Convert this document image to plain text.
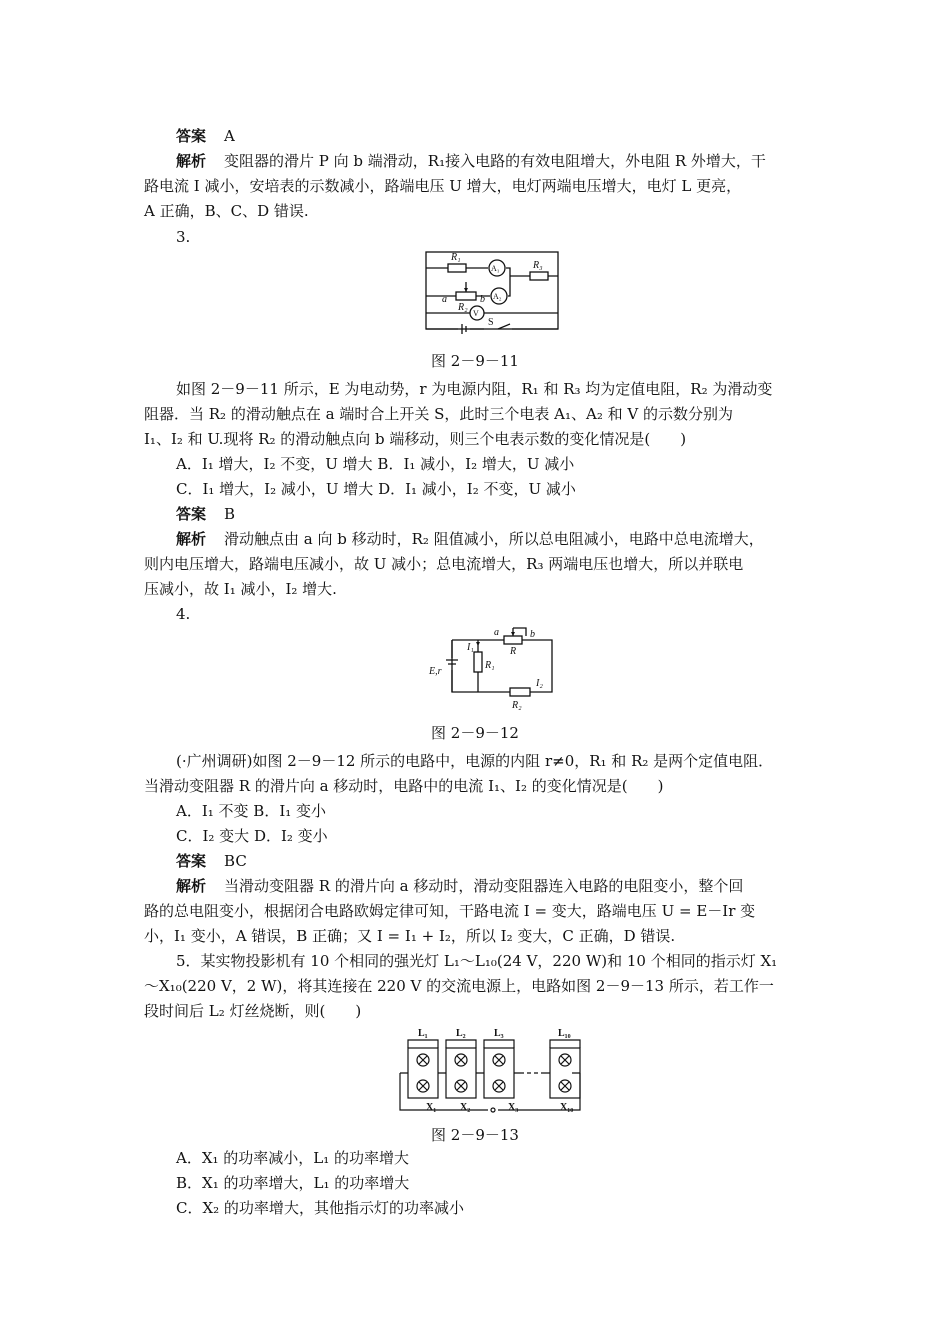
答案 A
解析 变阻器的滑片 P 向 b 端滑动，R₁接入电路的有效电阻增大，外电阻 R 外增大，干
路电流 I 减小，安培表的示数减小，路端电压 U 增大，电灯两端电压增大，电灯 L 更亮，
A 正确，B、C、D 错误.
3.
R₁
A₁	R₃
A₂
a
R₂
b
V
S
图 2－9－11
如图 2－9－11 所示，E 为电动势，r 为电源内阻，R₁ 和 R₃ 均为定值电阻，R₂ 为滑动变
阻器．当 R₂ 的滑动触点在 a 端时合上开关 S，此时三个电表 A₁、A₂ 和 V 的示数分别为
I₁、I₂ 和 U.现将 R₂ 的滑动触点向 b 端移动，则三个电表示数的变化情况是(　　)
A．I₁ 增大，I₂ 不变，U 增大 B．I₁ 减小，I₂ 增大，U 减小
C．I₁ 增大，I₂ 减小，U 增大 D．I₁ 减小，I₂ 不变，U 减小
答案 B
解析 滑动触点由 a 向 b 移动时，R₂ 阻值减小，所以总电阻减小，电路中总电流增大，
则内电压增大，路端电压减小，故 U 减小；总电流增大，R₃ 两端电压也增大，所以并联电
压减小，故 I₁ 减小，I₂ 增大.
4.
a	b
R
I₁
E,r
R₁
I₂
R₂
图 2－9－12
(·广州调研)如图 2－9－12 所示的电路中，电源的内阻 r≠0，R₁ 和 R₂ 是两个定值电阻．
当滑动变阻器 R 的滑片向 a 移动时，电路中的电流 I₁、I₂ 的变化情况是(　　)
A．I₁ 不变 B．I₁ 变小
C．I₂ 变大 D．I₂ 变小
答案 BC
解析 当滑动变阻器 R 的滑片向 a 移动时，滑动变阻器连入电路的电阻变小，整个回
路的总电阻变小，根据闭合电路欧姆定律可知，干路电流 I = 变大，路端电压 U = E－Ir 变
小，I₁ 变小，A 错误，B 正确；又 I = I₁ + I₂，所以 I₂ 变大，C 正确，D 错误.
5．某实物投影机有 10 个相同的强光灯 L₁～L₁₀(24 V，220 W)和 10 个相同的指示灯 X₁
～X₁₀(220 V，2 W)，将其连接在 220 V 的交流电源上，电路如图 2－9－13 所示，若工作一
段时间后 L₂ 灯丝烧断，则(　　)
L₁	L₂	L₃	L₁₀
X₁ X₂	X₃	X₁₀
图 2－9－13
A．X₁ 的功率减小，L₁ 的功率增大
B．X₁ 的功率增大，L₁ 的功率增大
C．X₂ 的功率增大，其他指示灯的功率减小
